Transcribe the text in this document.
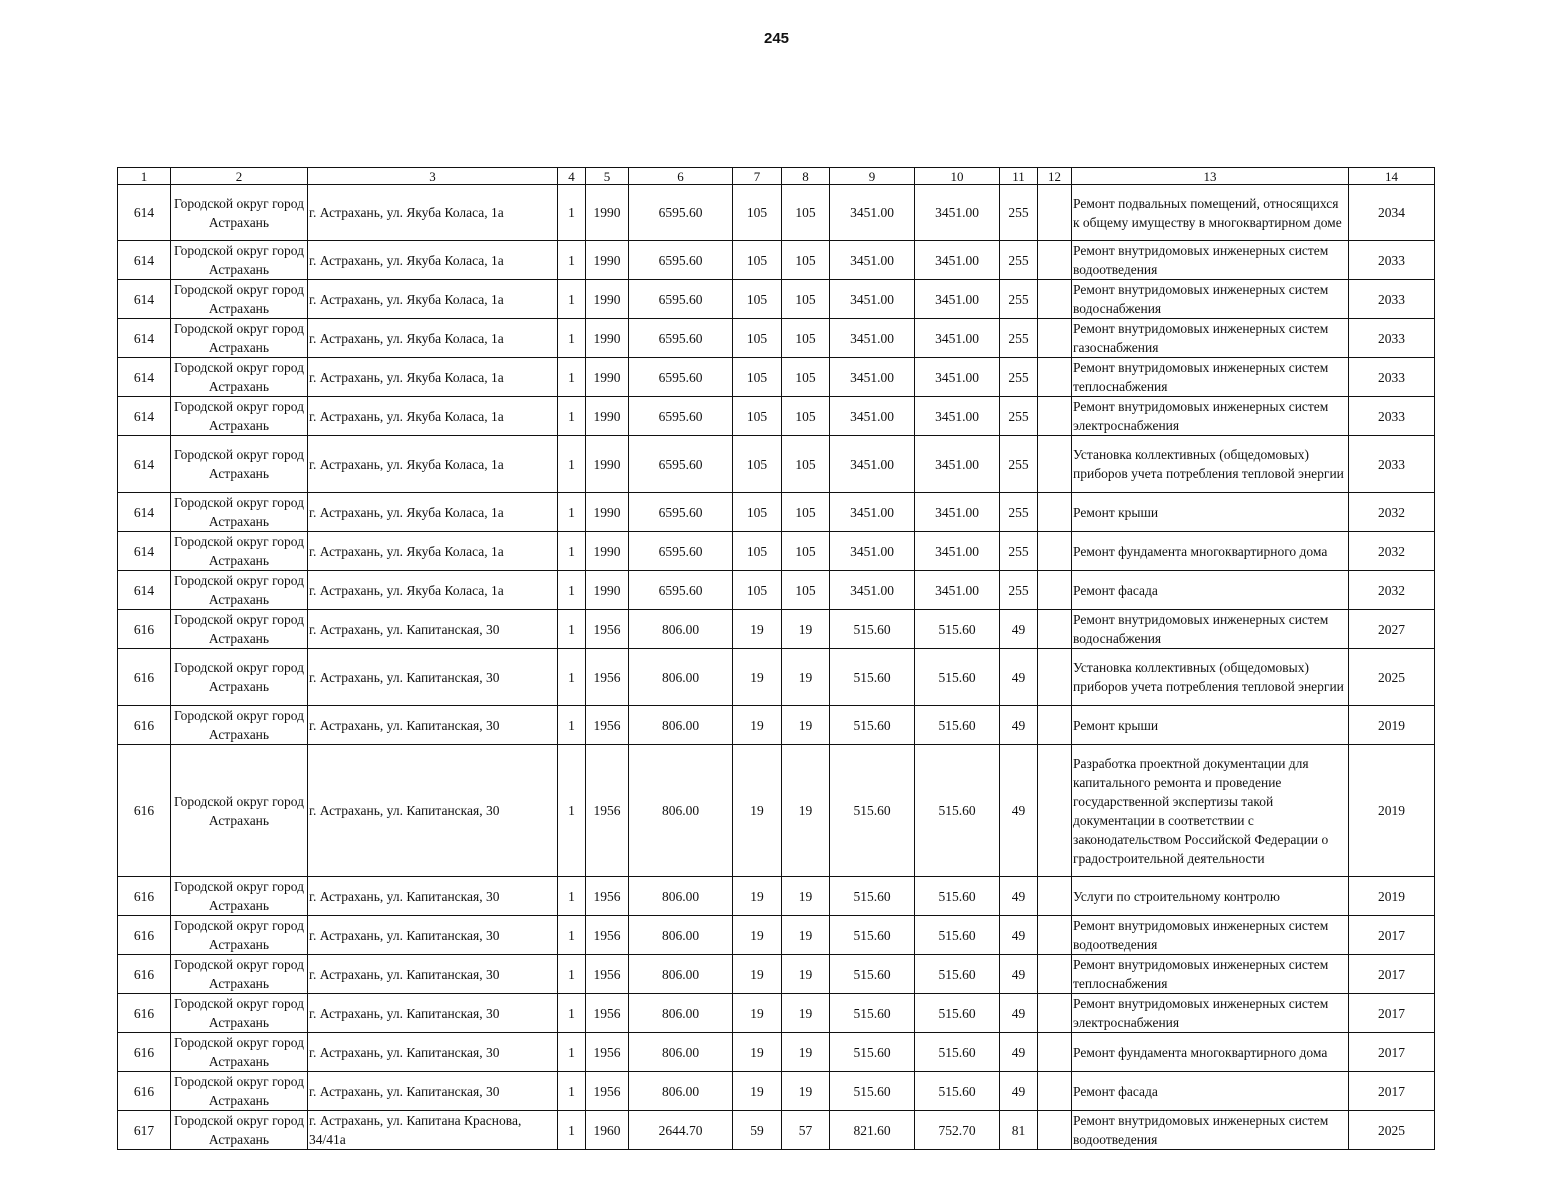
245
1	2	3	4	5	6	7	8	9	10	11	12	13	14
614	Городской округ город Астрахань	г. Астрахань, ул. Якуба Коласа, 1а	1	1990	6595.60	105	105	3451.00	3451.00	255		Ремонт подвальных помещений, относящихся к общему имуществу в многоквартирном доме	2034
614	Городской округ город Астрахань	г. Астрахань, ул. Якуба Коласа, 1а	1	1990	6595.60	105	105	3451.00	3451.00	255		Ремонт внутридомовых инженерных систем водоотведения	2033
614	Городской округ город Астрахань	г. Астрахань, ул. Якуба Коласа, 1а	1	1990	6595.60	105	105	3451.00	3451.00	255		Ремонт внутридомовых инженерных систем водоснабжения	2033
614	Городской округ город Астрахань	г. Астрахань, ул. Якуба Коласа, 1а	1	1990	6595.60	105	105	3451.00	3451.00	255		Ремонт внутридомовых инженерных систем газоснабжения	2033
614	Городской округ город Астрахань	г. Астрахань, ул. Якуба Коласа, 1а	1	1990	6595.60	105	105	3451.00	3451.00	255		Ремонт внутридомовых инженерных систем теплоснабжения	2033
614	Городской округ город Астрахань	г. Астрахань, ул. Якуба Коласа, 1а	1	1990	6595.60	105	105	3451.00	3451.00	255		Ремонт внутридомовых инженерных систем электроснабжения	2033
614	Городской округ город Астрахань	г. Астрахань, ул. Якуба Коласа, 1а	1	1990	6595.60	105	105	3451.00	3451.00	255		Установка коллективных (общедомовых) приборов учета потребления тепловой энергии	2033
614	Городской округ город Астрахань	г. Астрахань, ул. Якуба Коласа, 1а	1	1990	6595.60	105	105	3451.00	3451.00	255		Ремонт крыши	2032
614	Городской округ город Астрахань	г. Астрахань, ул. Якуба Коласа, 1а	1	1990	6595.60	105	105	3451.00	3451.00	255		Ремонт фундамента многоквартирного дома	2032
614	Городской округ город Астрахань	г. Астрахань, ул. Якуба Коласа, 1а	1	1990	6595.60	105	105	3451.00	3451.00	255		Ремонт фасада	2032
616	Городской округ город Астрахань	г. Астрахань, ул. Капитанская, 30	1	1956	806.00	19	19	515.60	515.60	49		Ремонт внутридомовых инженерных систем водоснабжения	2027
616	Городской округ город Астрахань	г. Астрахань, ул. Капитанская, 30	1	1956	806.00	19	19	515.60	515.60	49		Установка коллективных (общедомовых) приборов учета потребления тепловой энергии	2025
616	Городской округ город Астрахань	г. Астрахань, ул. Капитанская, 30	1	1956	806.00	19	19	515.60	515.60	49		Ремонт крыши	2019
616	Городской округ город Астрахань	г. Астрахань, ул. Капитанская, 30	1	1956	806.00	19	19	515.60	515.60	49		Разработка проектной документации для капитального ремонта и проведение государственной экспертизы такой документации в соответствии с законодательством Российской Федерации о градостроительной деятельности	2019
616	Городской округ город Астрахань	г. Астрахань, ул. Капитанская, 30	1	1956	806.00	19	19	515.60	515.60	49		Услуги по строительному контролю	2019
616	Городской округ город Астрахань	г. Астрахань, ул. Капитанская, 30	1	1956	806.00	19	19	515.60	515.60	49		Ремонт внутридомовых инженерных систем водоотведения	2017
616	Городской округ город Астрахань	г. Астрахань, ул. Капитанская, 30	1	1956	806.00	19	19	515.60	515.60	49		Ремонт внутридомовых инженерных систем теплоснабжения	2017
616	Городской округ город Астрахань	г. Астрахань, ул. Капитанская, 30	1	1956	806.00	19	19	515.60	515.60	49		Ремонт внутридомовых инженерных систем электроснабжения	2017
616	Городской округ город Астрахань	г. Астрахань, ул. Капитанская, 30	1	1956	806.00	19	19	515.60	515.60	49		Ремонт фундамента многоквартирного дома	2017
616	Городской округ город Астрахань	г. Астрахань, ул. Капитанская, 30	1	1956	806.00	19	19	515.60	515.60	49		Ремонт фасада	2017
617	Городской округ город Астрахань	г. Астрахань, ул. Капитана Краснова, 34/41а	1	1960	2644.70	59	57	821.60	752.70	81		Ремонт внутридомовых инженерных систем водоотведения	2025
